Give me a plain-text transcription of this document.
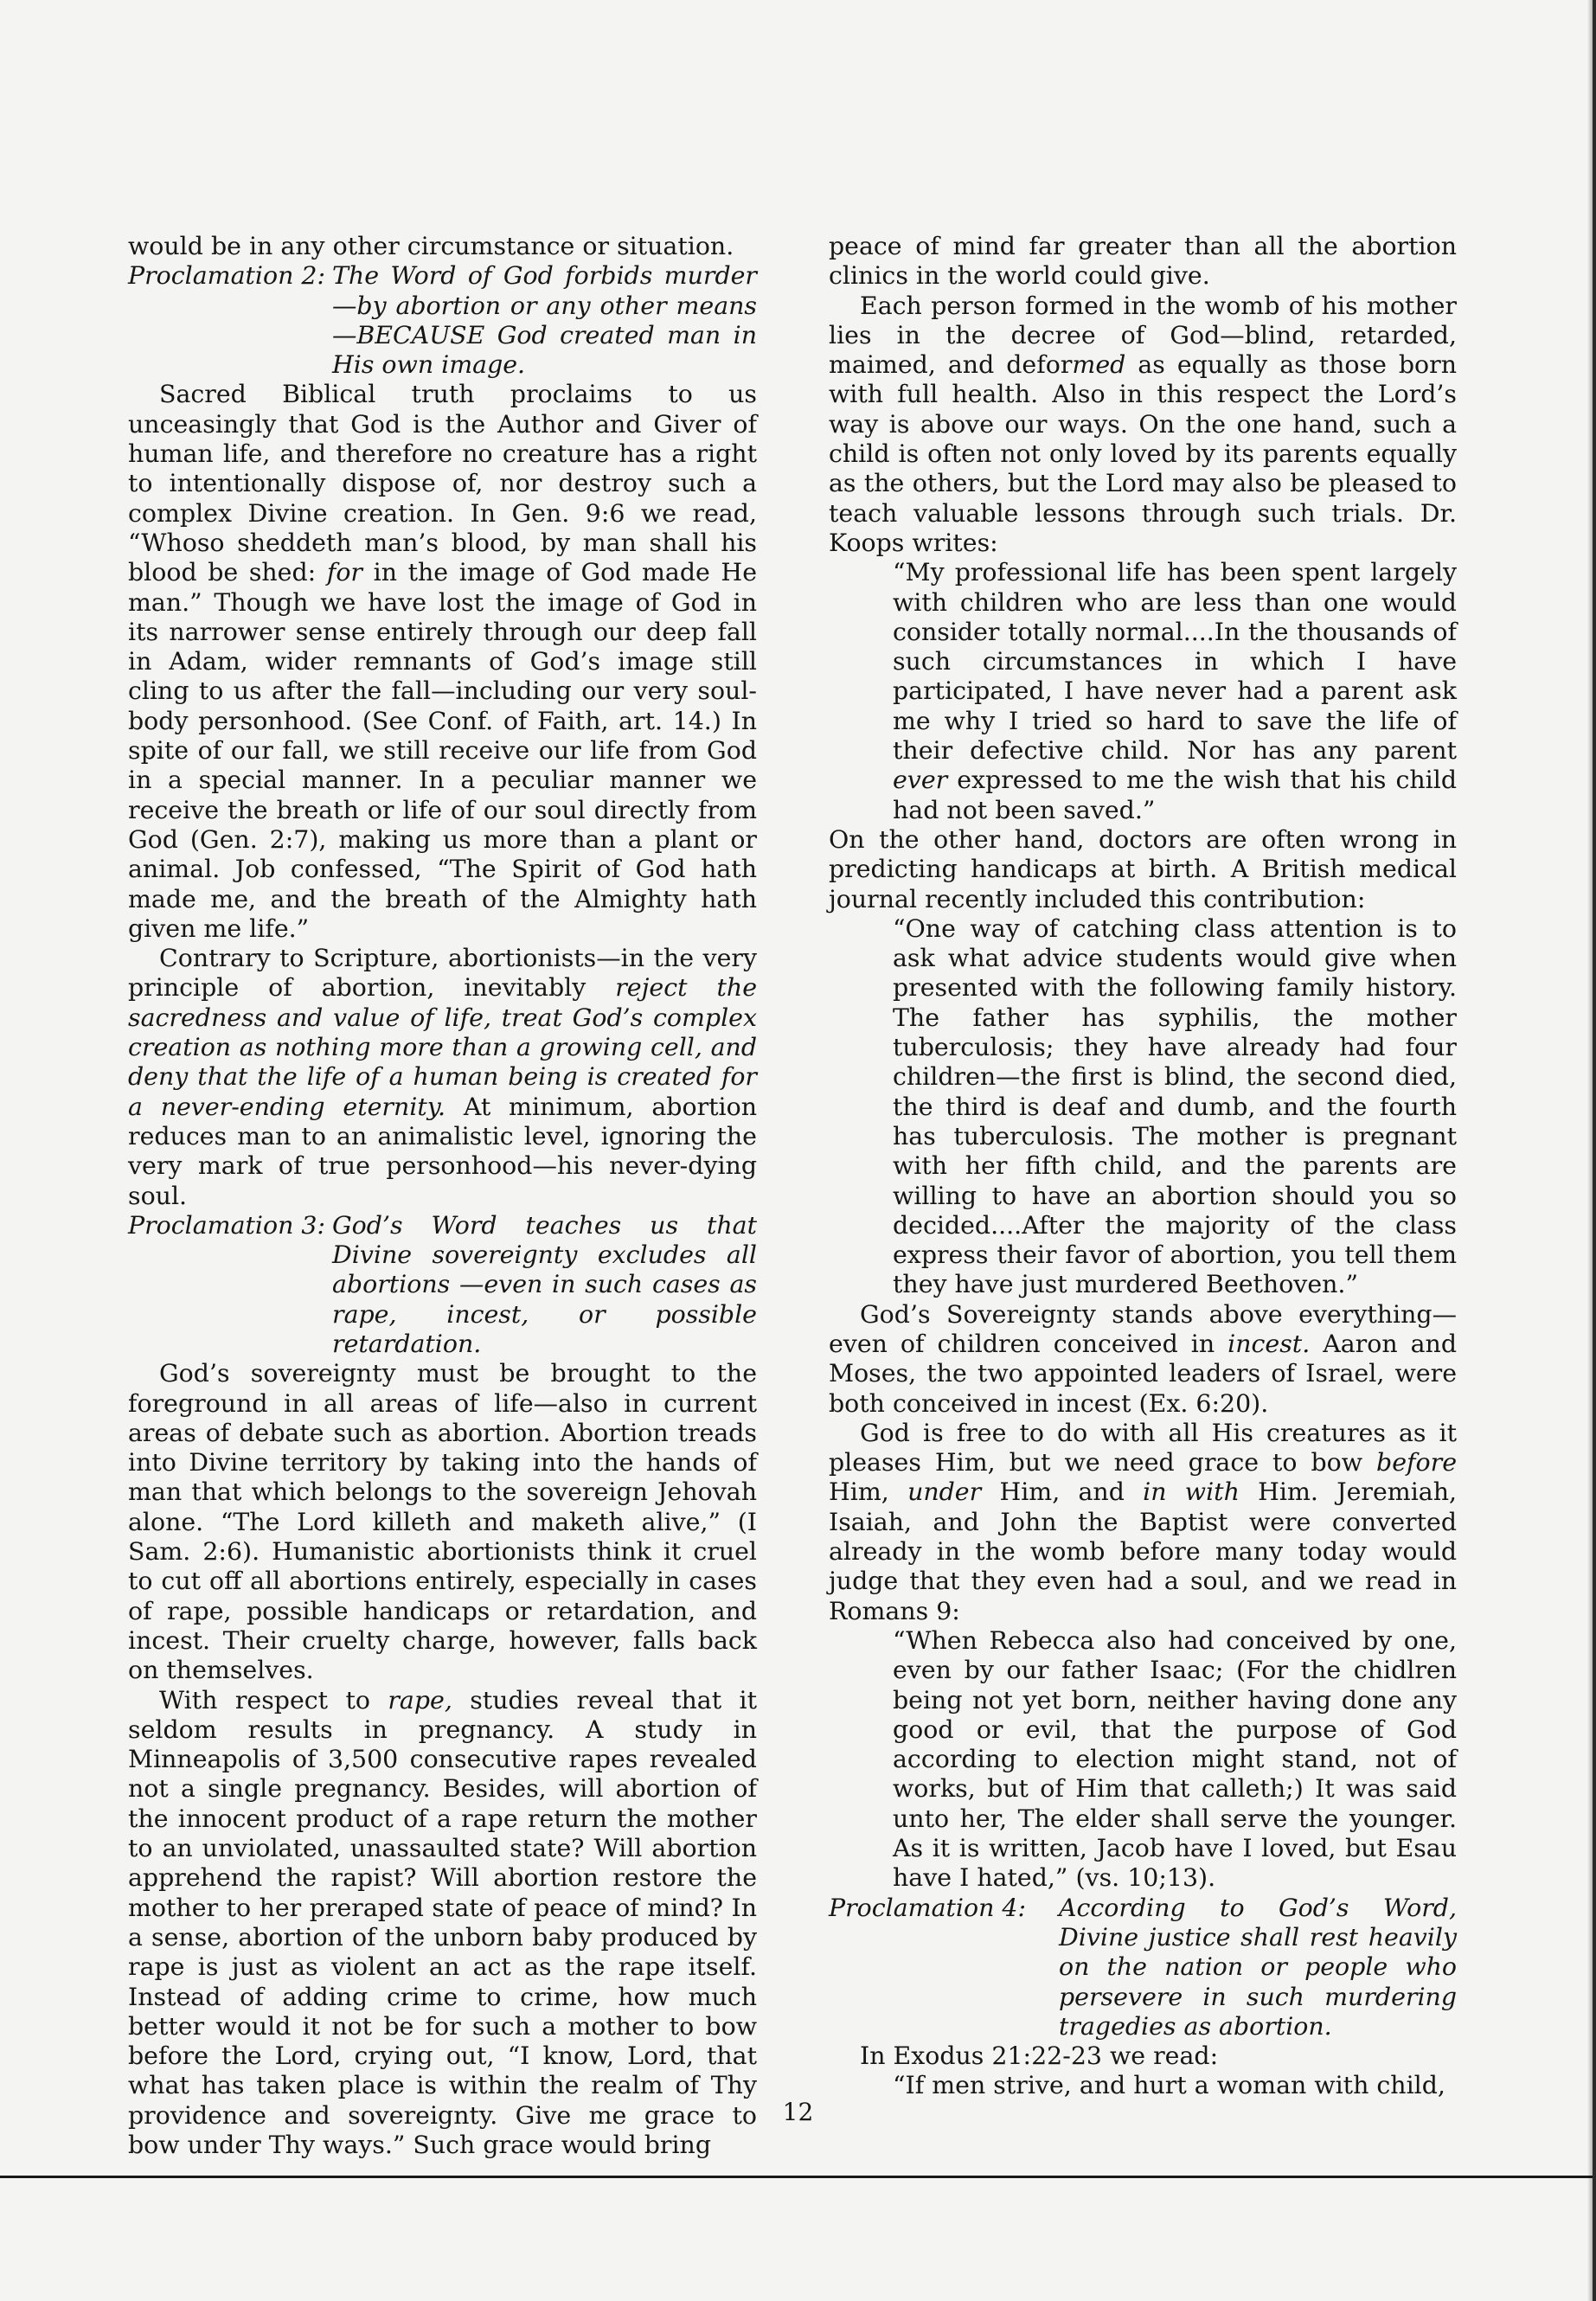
would be in any other circumstance or situation.

Proclamation 2: The Word of God forbids murder—by abortion or any other means—BECAUSE God created man in His own image.

Sacred Biblical truth proclaims to us unceasingly that God is the Author and Giver of human life, and therefore no creature has a right to intentionally dispose of, nor destroy such a complex Divine creation. In Gen. 9:6 we read, “Whoso sheddeth man’s blood, by man shall his blood be shed: for in the image of God made He man.” Though we have lost the image of God in its narrower sense entirely through our deep fall in Adam, wider remnants of God’s image still cling to us after the fall—including our very soul-body personhood. (See Conf. of Faith, art. 14.) In spite of our fall, we still receive our life from God in a special manner. In a peculiar manner we receive the breath or life of our soul directly from God (Gen. 2:7), making us more than a plant or animal. Job confessed, “The Spirit of God hath made me, and the breath of the Almighty hath given me life.”

Contrary to Scripture, abortionists—in the very principle of abortion, inevitably reject the sacredness and value of life, treat God’s complex creation as nothing more than a growing cell, and deny that the life of a human being is created for a never-ending eternity. At minimum, abortion reduces man to an animalistic level, ignoring the very mark of true personhood—his never-dying soul.

Proclamation 3: God’s Word teaches us that Divine sovereignty excludes all abortions —even in such cases as rape, incest, or possible retardation.

God’s sovereignty must be brought to the foreground in all areas of life—also in current areas of debate such as abortion. Abortion treads into Divine territory by taking into the hands of man that which belongs to the sovereign Jehovah alone. “The Lord killeth and maketh alive,” (I Sam. 2:6). Humanistic abortionists think it cruel to cut off all abortions entirely, especially in cases of rape, possible handicaps or retardation, and incest. Their cruelty charge, however, falls back on themselves.

With respect to rape, studies reveal that it seldom results in pregnancy. A study in Minneapolis of 3,500 consecutive rapes revealed not a single pregnancy. Besides, will abortion of the innocent product of a rape return the mother to an unviolated, unassaulted state? Will abortion apprehend the rapist? Will abortion restore the mother to her preraped state of peace of mind? In a sense, abortion of the unborn baby produced by rape is just as violent an act as the rape itself. Instead of adding crime to crime, how much better would it not be for such a mother to bow before the Lord, crying out, “I know, Lord, that what has taken place is within the realm of Thy providence and sovereignty. Give me grace to bow under Thy ways.” Such grace would bring

peace of mind far greater than all the abortion clinics in the world could give.

Each person formed in the womb of his mother lies in the decree of God—blind, retarded, maimed, and deformed as equally as those born with full health. Also in this respect the Lord’s way is above our ways. On the one hand, such a child is often not only loved by its parents equally as the others, but the Lord may also be pleased to teach valuable lessons through such trials. Dr. Koops writes:

“My professional life has been spent largely with children who are less than one would consider totally normal....In the thousands of such circumstances in which I have participated, I have never had a parent ask me why I tried so hard to save the life of their defective child. Nor has any parent ever expressed to me the wish that his child had not been saved.”

On the other hand, doctors are often wrong in predicting handicaps at birth. A British medical journal recently included this contribution:

“One way of catching class attention is to ask what advice students would give when presented with the following family history. The father has syphilis, the mother tuberculosis; they have already had four children—the first is blind, the second died, the third is deaf and dumb, and the fourth has tuberculosis. The mother is pregnant with her fifth child, and the parents are willing to have an abortion should you so decided....After the majority of the class express their favor of abortion, you tell them they have just murdered Beethoven.”

God’s Sovereignty stands above everything—even of children conceived in incest. Aaron and Moses, the two appointed leaders of Israel, were both conceived in incest (Ex. 6:20).

God is free to do with all His creatures as it pleases Him, but we need grace to bow before Him, under Him, and in with Him. Jeremiah, Isaiah, and John the Baptist were converted already in the womb before many today would judge that they even had a soul, and we read in Romans 9:

“When Rebecca also had conceived by one, even by our father Isaac; (For the chidlren being not yet born, neither having done any good or evil, that the purpose of God according to election might stand, not of works, but of Him that calleth;) It was said unto her, The elder shall serve the younger. As it is written, Jacob have I loved, but Esau have I hated,” (vs. 10;13).

Proclamation 4:	According to God’s Word, Divine justice shall rest heavily on the nation or people who persevere in such murdering tragedies as abortion.

In Exodus 21:22-23 we read:

“If men strive, and hurt a woman with child,

12
